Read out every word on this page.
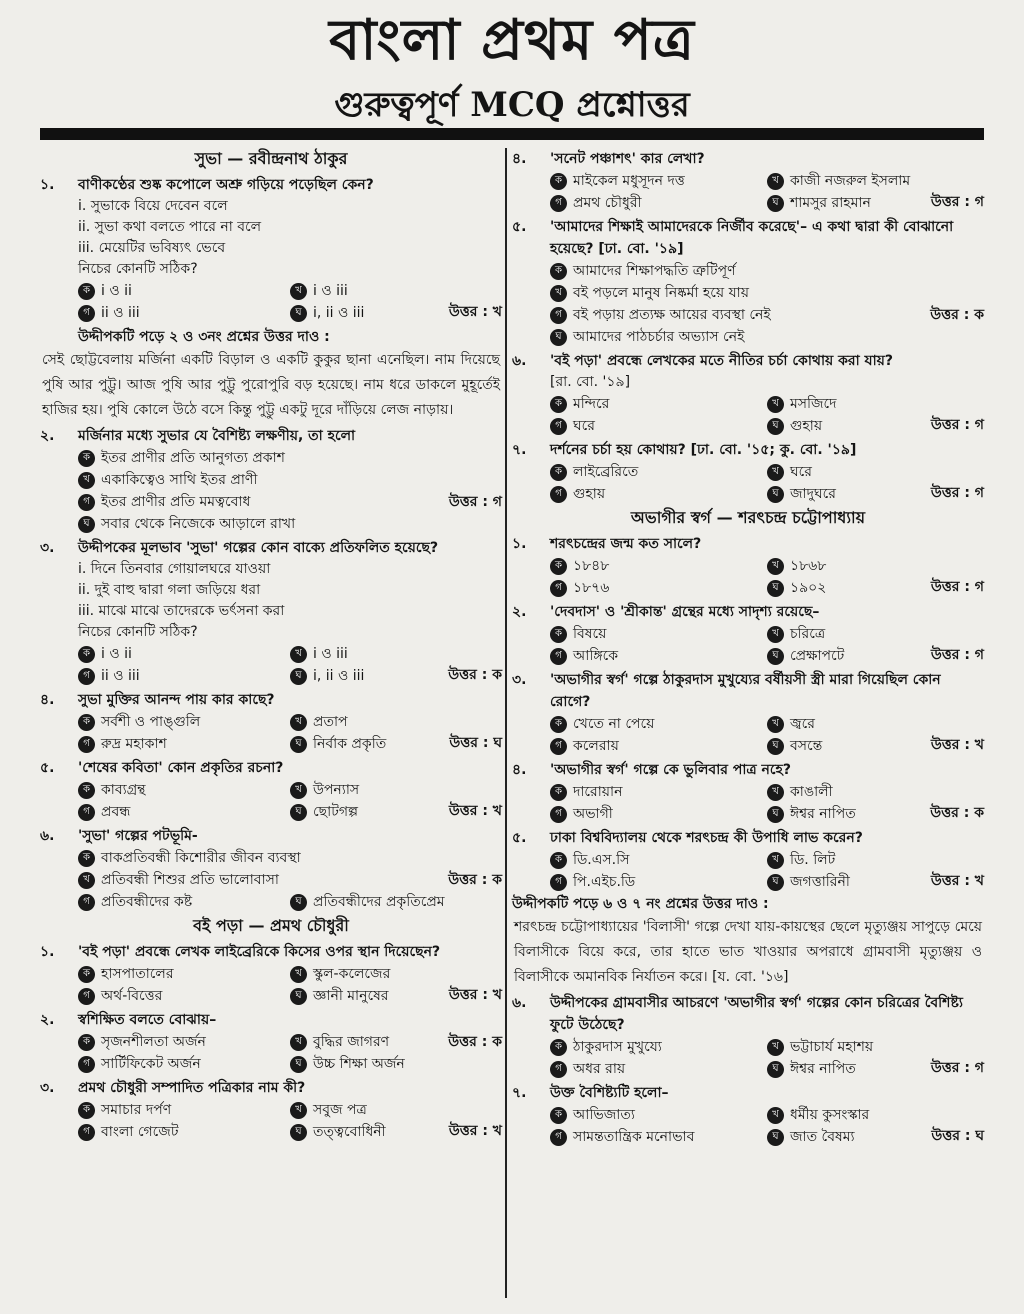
বাংলা প্রথম পত্র
গুরুত্বপূর্ণ MCQ প্রশ্নোত্তর
সুভা — রবীন্দ্রনাথ ঠাকুর
১.	বাণীকণ্ঠের শুষ্ক কপোলে অশ্রু গড়িয়ে পড়েছিল কেন?
i. সুভাকে বিয়ে দেবেন বলে
ii. সুভা কথা বলতে পারে না বলে
iii. মেয়েটির ভবিষ্যৎ ভেবে
নিচের কোনটি সঠিক?
ক i ও ii	খ i ও iii
গ ii ও iii	ঘ i, ii ও iii	উত্তর : খ
উদ্দীপকটি পড়ে ২ ও ৩নং প্রশ্নের উত্তর দাও :
সেই ছোট্টবেলায় মর্জিনা একটি বিড়াল ও একটি কুকুর ছানা এনেছিল। নাম দিয়েছে পুষি আর পুট্টু। আজ পুষি আর পুট্টু পুরোপুরি বড় হয়েছে। নাম ধরে ডাকলে মুহূর্তেই হাজির হয়। পুষি কোলে উঠে বসে কিন্তু পুট্টু একটু দূরে দাঁড়িয়ে লেজ নাড়ায়।
২.	মর্জিনার মধ্যে সুভার যে বৈশিষ্ট্য লক্ষণীয়, তা হলো
ক ইতর প্রাণীর প্রতি আনুগত্য প্রকাশ
খ একাকিত্বেও সাথি ইতর প্রাণী
গ ইতর প্রাণীর প্রতি মমত্ববোধ	উত্তর : গ
ঘ সবার থেকে নিজেকে আড়ালে রাখা
৩.	উদ্দীপকের মূলভাব 'সুভা' গল্পের কোন বাক্যে প্রতিফলিত হয়েছে?
i. দিনে তিনবার গোয়ালঘরে যাওয়া
ii. দুই বাহু দ্বারা গলা জড়িয়ে ধরা
iii. মাঝে মাঝে তাদেরকে ভর্ৎসনা করা
নিচের কোনটি সঠিক?
ক i ও ii	খ i ও iii
গ ii ও iii	ঘ i, ii ও iii	উত্তর : ক
৪.	সুভা মুক্তির আনন্দ পায় কার কাছে?
ক সর্বশী ও পাঙ্গুলি	খ প্রতাপ
গ রুদ্র মহাকাশ	ঘ নির্বাক প্রকৃতি	উত্তর : ঘ
৫.	'শেষের কবিতা' কোন প্রকৃতির রচনা?
ক কাব্যগ্রন্থ	খ উপন্যাস
গ প্রবন্ধ	ঘ ছোটগল্প	উত্তর : খ
৬.	'সুভা' গল্পের পটভূমি-
ক বাকপ্রতিবন্ধী কিশোরীর জীবন ব্যবস্থা
খ প্রতিবন্ধী শিশুর প্রতি ভালোবাসা	উত্তর : ক
গ প্রতিবন্ধীদের কষ্ট	ঘ প্রতিবন্ধীদের প্রকৃতিপ্রেম
বই পড়া — প্রমথ চৌধুরী
১.	'বই পড়া' প্রবন্ধে লেখক লাইব্রেরিকে কিসের ওপর স্থান দিয়েছেন?
ক হাসপাতালের	খ স্কুল-কলেজের
গ অর্থ-বিত্তের	ঘ জ্ঞানী মানুষের	উত্তর : খ
২.	স্বশিক্ষিত বলতে বোঝায়–
ক সৃজনশীলতা অর্জন	খ বুদ্ধির জাগরণ	উত্তর : ক
গ সার্টিফিকেট অর্জন	ঘ উচ্চ শিক্ষা অর্জন
৩.	প্রমথ চৌধুরী সম্পাদিত পত্রিকার নাম কী?
ক সমাচার দর্পণ	খ সবুজ পত্র
গ বাংলা গেজেট	ঘ তত্ত্ববোধিনী	উত্তর : খ
৪.	'সনেট পঞ্চাশৎ' কার লেখা?
ক মাইকেল মধুসূদন দত্ত	খ কাজী নজরুল ইসলাম
গ প্রমথ চৌধুরী	ঘ শামসুর রাহমান	উত্তর : গ
৫.	'আমাদের শিক্ষাই আমাদেরকে নির্জীব করেছে'– এ কথা দ্বারা কী বোঝানো হয়েছে? [ঢা. বো. '১৯]
ক আমাদের শিক্ষাপদ্ধতি ত্রুটিপূর্ণ
খ বই পড়লে মানুষ নিষ্কর্মা হয়ে যায়
গ বই পড়ায় প্রত্যক্ষ আয়ের ব্যবস্থা নেই	উত্তর : ক
ঘ আমাদের পাঠচর্চার অভ্যাস নেই
৬.	'বই পড়া' প্রবন্ধে লেখকের মতে নীতির চর্চা কোথায় করা যায়?
[রা. বো. '১৯]
ক মন্দিরে	খ মসজিদে
গ ঘরে	ঘ গুহায়	উত্তর : গ
৭.	দর্শনের চর্চা হয় কোথায়? [ঢা. বো. '১৫; কু. বো. '১৯]
ক লাইব্রেরিতে	খ ঘরে
গ গুহায়	ঘ জাদুঘরে	উত্তর : গ
অভাগীর স্বর্গ — শরৎচন্দ্র চট্টোপাধ্যায়
১.	শরৎচন্দ্রের জন্ম কত সালে?
ক ১৮৪৮	খ ১৮৬৮
গ ১৮৭৬	ঘ ১৯০২	উত্তর : গ
২.	'দেবদাস' ও 'শ্রীকান্ত' গ্রন্থের মধ্যে সাদৃশ্য রয়েছে–
ক বিষয়ে	খ চরিত্রে
গ আঙ্গিকে	ঘ প্রেক্ষাপটে	উত্তর : গ
৩.	'অভাগীর স্বর্গ' গল্পে ঠাকুরদাস মুখুয্যের বর্ষীয়সী স্ত্রী মারা গিয়েছিল কোন রোগে?
ক খেতে না পেয়ে	খ জ্বরে
গ কলেরায়	ঘ বসন্তে	উত্তর : খ
৪.	'অভাগীর স্বর্গ' গল্পে কে ভুলিবার পাত্র নহে?
ক দারোয়ান	খ কাঙালী
গ অভাগী	ঘ ঈশ্বর নাপিত	উত্তর : ক
৫.	ঢাকা বিশ্ববিদ্যালয় থেকে শরৎচন্দ্র কী উপাধি লাভ করেন?
ক ডি.এস.সি	খ ডি. লিট
গ পি.এইচ.ডি	ঘ জগত্তারিনী	উত্তর : খ
উদ্দীপকটি পড়ে ৬ ও ৭ নং প্রশ্নের উত্তর দাও :
শরৎচন্দ্র চট্টোপাধ্যায়ের 'বিলাসী' গল্পে দেখা যায়-কায়স্থের ছেলে মৃত্যুঞ্জয় সাপুড়ে মেয়ে বিলাসীকে বিয়ে করে, তার হাতে ভাত খাওয়ার অপরাধে গ্রামবাসী মৃত্যুঞ্জয় ও বিলাসীকে অমানবিক নির্যাতন করে। [য. বো. '১৬]
৬.	উদ্দীপকের গ্রামবাসীর আচরণে 'অভাগীর স্বর্গ' গল্পের কোন চরিত্রের বৈশিষ্ট্য ফুটে উঠেছে?
ক ঠাকুরদাস মুখুয্যে	খ ভট্টাচার্য মহাশয়
গ অধর রায়	ঘ ঈশ্বর নাপিত	উত্তর : গ
৭.	উক্ত বৈশিষ্ট্যটি হলো–
ক আভিজাত্য	খ ধর্মীয় কুসংস্কার
গ সামন্ততান্ত্রিক মনোভাব	ঘ জাত বৈষম্য	উত্তর : ঘ
